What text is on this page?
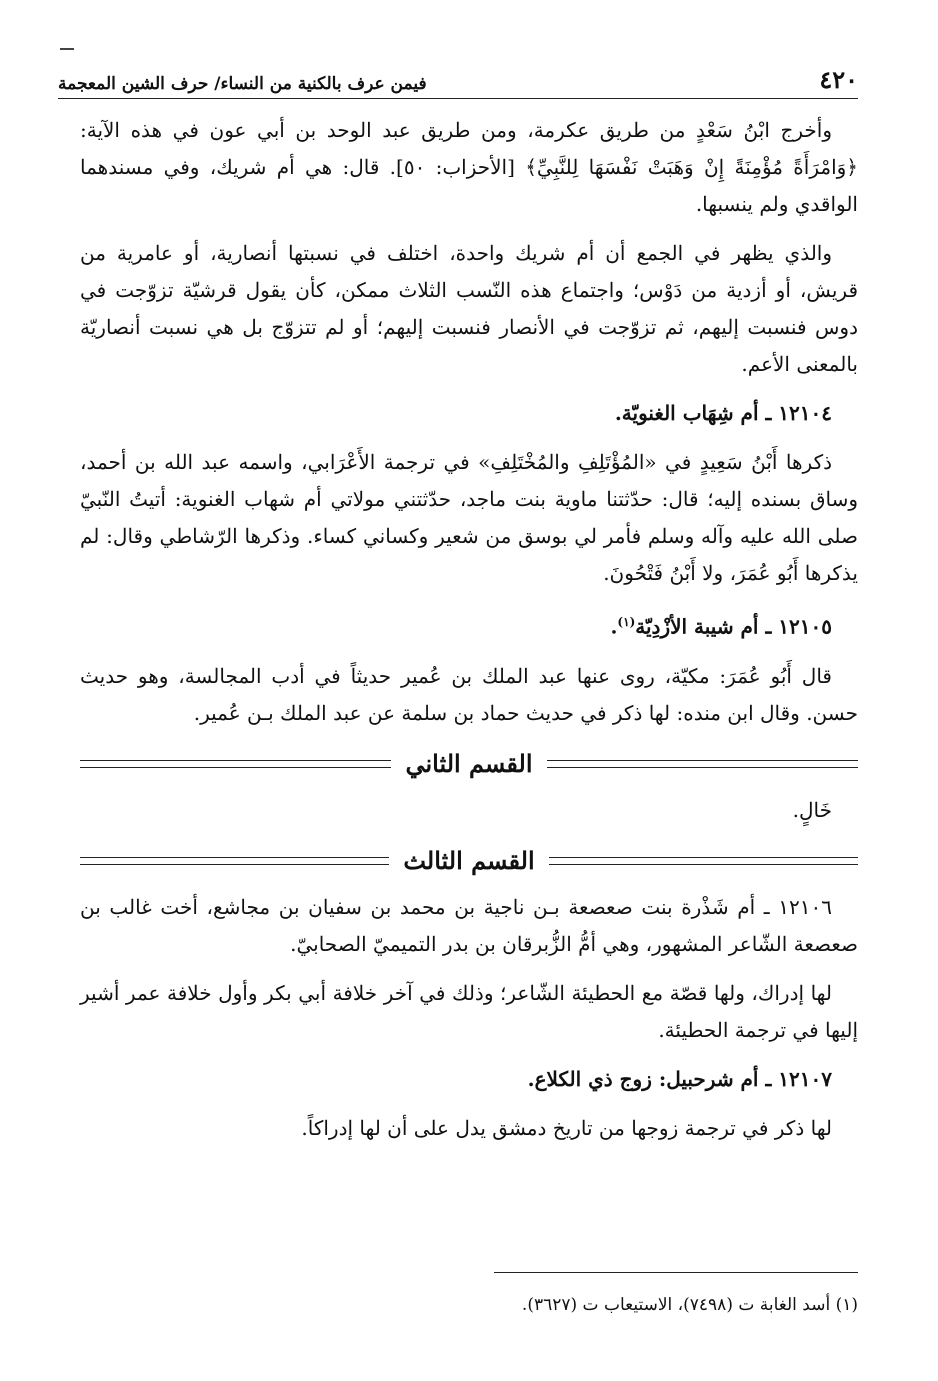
٤٢٠
فيمن عرف بالكنية من النساء/ حرف الشين المعجمة

وأخرج ابْنُ سَعْدٍ من طريق عكرمة، ومن طريق عبد الوحد بن أبي عون في هذه الآية: ﴿وَامْرَأَةً مُؤْمِنَةً إِنْ وَهَبَتْ نَفْسَهَا لِلنَّبِيِّ﴾ [الأحزاب: ٥٠]. قال: هي أم شريك، وفي مسندهما الواقدي ولم ينسبها.

والذي يظهر في الجمع أن أم شريك واحدة، اختلف في نسبتها أنصارية، أو عامرية من قريش، أو أزدية من دَوْس؛ واجتماع هذه النّسب الثلاث ممكن، كأن يقول قرشيّة تزوّجت في دوس فنسبت إليهم، ثم تزوّجت في الأنصار فنسبت إليهم؛ أو لم تتزوّج بل هي نسبت أنصاريّة بالمعنى الأعم.

١٢١٠٤ ـ أم شِهَاب الغنويّة.

ذكرها أَبْنُ سَعِيدٍ في «المُؤْتَلِفِ والمُخْتَلِفِ» في ترجمة الأَعْرَابي، واسمه عبد الله بن أحمد، وساق بسنده إليه؛ قال: حدّثتنا ماوية بنت ماجد، حدّثتني مولاتي أم شهاب الغنوية: أتيتُ النّبيّ صلى الله عليه وآله وسلم فأمر لي بوسق من شعير وكساني كساء. وذكرها الرّشاطي وقال: لم يذكرها أَبُو عُمَرَ، ولا أَبْنُ فَتْحُونَ.

١٢١٠٥ ـ أم شيبة الأزْدِيّة$^{(١)}$.

قال أَبُو عُمَرَ: مكيّة، روى عنها عبد الملك بن عُمير حديثاً في أدب المجالسة، وهو حديث حسن. وقال ابن منده: لها ذكر في حديث حماد بن سلمة عن عبد الملك بـن عُمير.

القسم الثاني

خَالٍ.

القسم الثالث

١٢١٠٦ ـ أم شَذْرة بنت صعصعة بـن ناجية بن محمد بن سفيان بن مجاشع، أخت غالب بن صعصعة الشّاعر المشهور، وهي أمُّ الزُّبرقان بن بدر التميميّ الصحابيّ.

لها إدراك، ولها قصّة مع الحطيئة الشّاعر؛ وذلك في آخر خلافة أبي بكر وأول خلافة عمر أشير إليها في ترجمة الحطيئة.

١٢١٠٧ ـ أم شرحبيل: زوج ذي الكلاع.

لها ذكر في ترجمة زوجها من تاريخ دمشق يدل على أن لها إدراكاً.

(١) أسد الغابة ت (٧٤٩٨)، الاستيعاب ت (٣٦٢٧).
